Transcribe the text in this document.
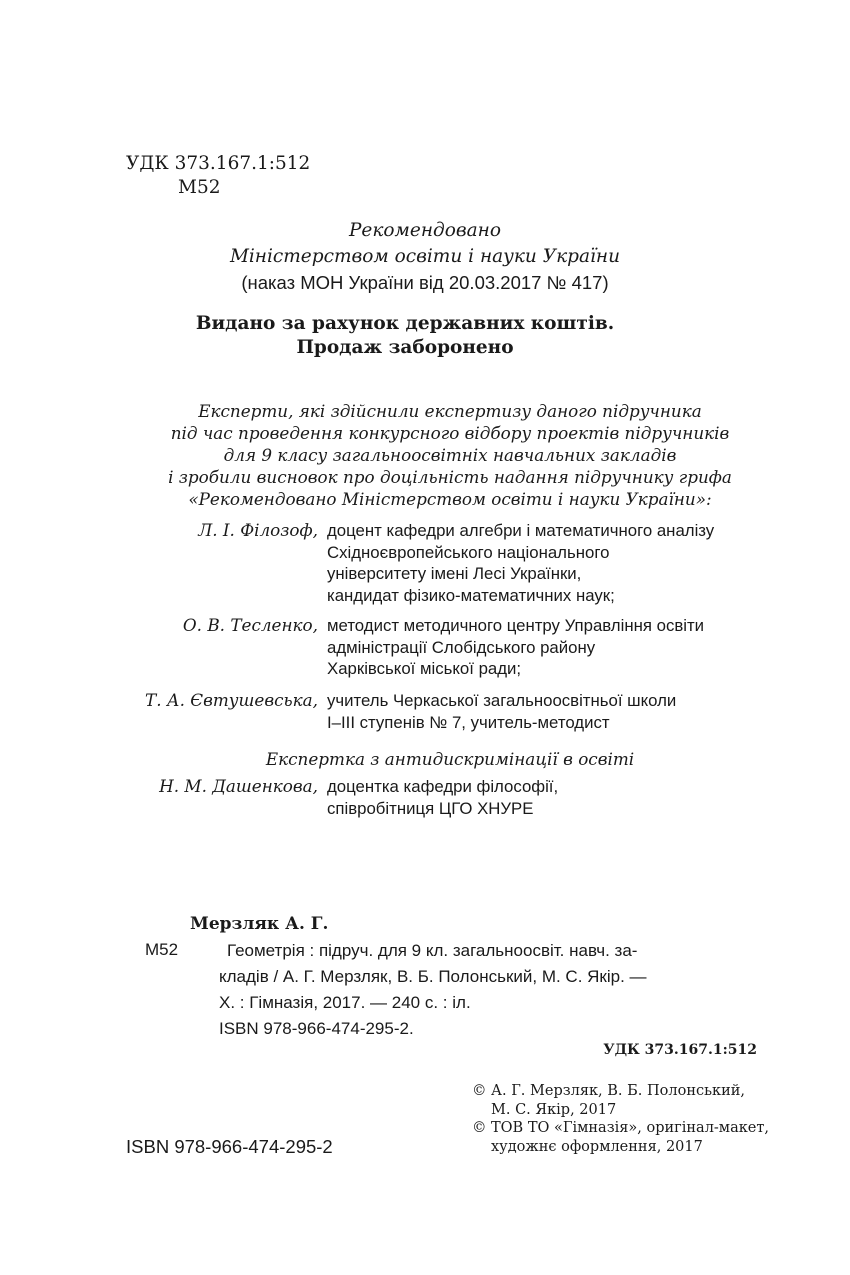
УДК 373.167.1:512
М52
Рекомендовано
Міністерством освіти і науки України
(наказ МОН України від 20.03.2017 № 417)
Видано за рахунок державних коштів.
Продаж заборонено
Експерти, які здійснили експертизу даного підручника
під час проведення конкурсного відбору проектів підручників
для 9 класу загальноосвітніх навчальних закладів
і зробили висновок про доцільність надання підручнику грифа
«Рекомендовано Міністерством освіти і науки України»:
Л. І. Філозоф, доцент кафедри алгебри і математичного аналізу
Східноєвропейського національного
університету імені Лесі Українки,
кандидат фізико-математичних наук;
О. В. Тесленко, методист методичного центру Управління освіти
адміністрації Слобідського району
Харківської міської ради;
Т. А. Євтушевська, учитель Черкаської загальноосвітньої школи
І–ІІІ ступенів № 7, учитель-методист
Експертка з антидискримінації в освіті
Н. М. Дашенкова, доцентка кафедри філософії,
співробітниця ЦГО ХНУРЕ
Мерзляк А. Г.
М52	Геометрія : підруч. для 9 кл. загальноосвіт. навч. за-
кладів / А. Г. Мерзляк, В. Б. Полонський, М. С. Якір. —
Х. : Гімназія, 2017. — 240 с. : іл.
ISBN 978-966-474-295-2.
УДК 373.167.1:512
© А. Г. Мерзляк, В. Б. Полонський,
М. С. Якір, 2017
© ТОВ ТО «Гімназія», оригінал-макет,
художнє оформлення, 2017
ISBN 978-966-474-295-2
